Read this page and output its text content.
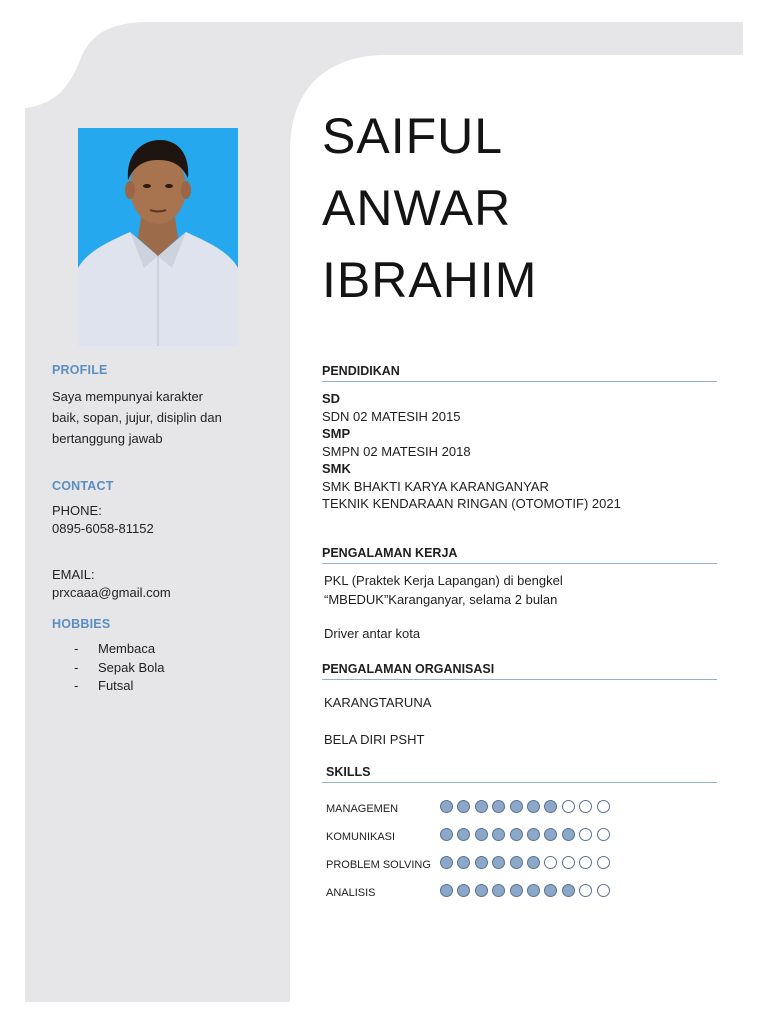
PROFILE
Saya mempunyai karakter
baik, sopan, jujur, disiplin dan
bertanggung jawab
CONTACT
PHONE:
0895-6058-81152
EMAIL:
prxcaaa@gmail.com
HOBBIES
-	Membaca
-	Sepak Bola
-	Futsal
SAIFUL
ANWAR
IBRAHIM
PENDIDIKAN
SD
SDN 02 MATESIH 2015
SMP
SMPN 02 MATESIH 2018
SMK
SMK BHAKTI KARYA KARANGANYAR
TEKNIK KENDARAAN RINGAN (OTOMOTIF) 2021
PENGALAMAN KERJA
PKL (Praktek Kerja Lapangan) di bengkel
“MBEDUK”Karanganyar, selama 2 bulan
Driver antar kota
PENGALAMAN ORGANISASI
KARANGTARUNA
BELA DIRI PSHT
SKILLS
MANAGEMEN
KOMUNIKASI
PROBLEM SOLVING
ANALISIS
